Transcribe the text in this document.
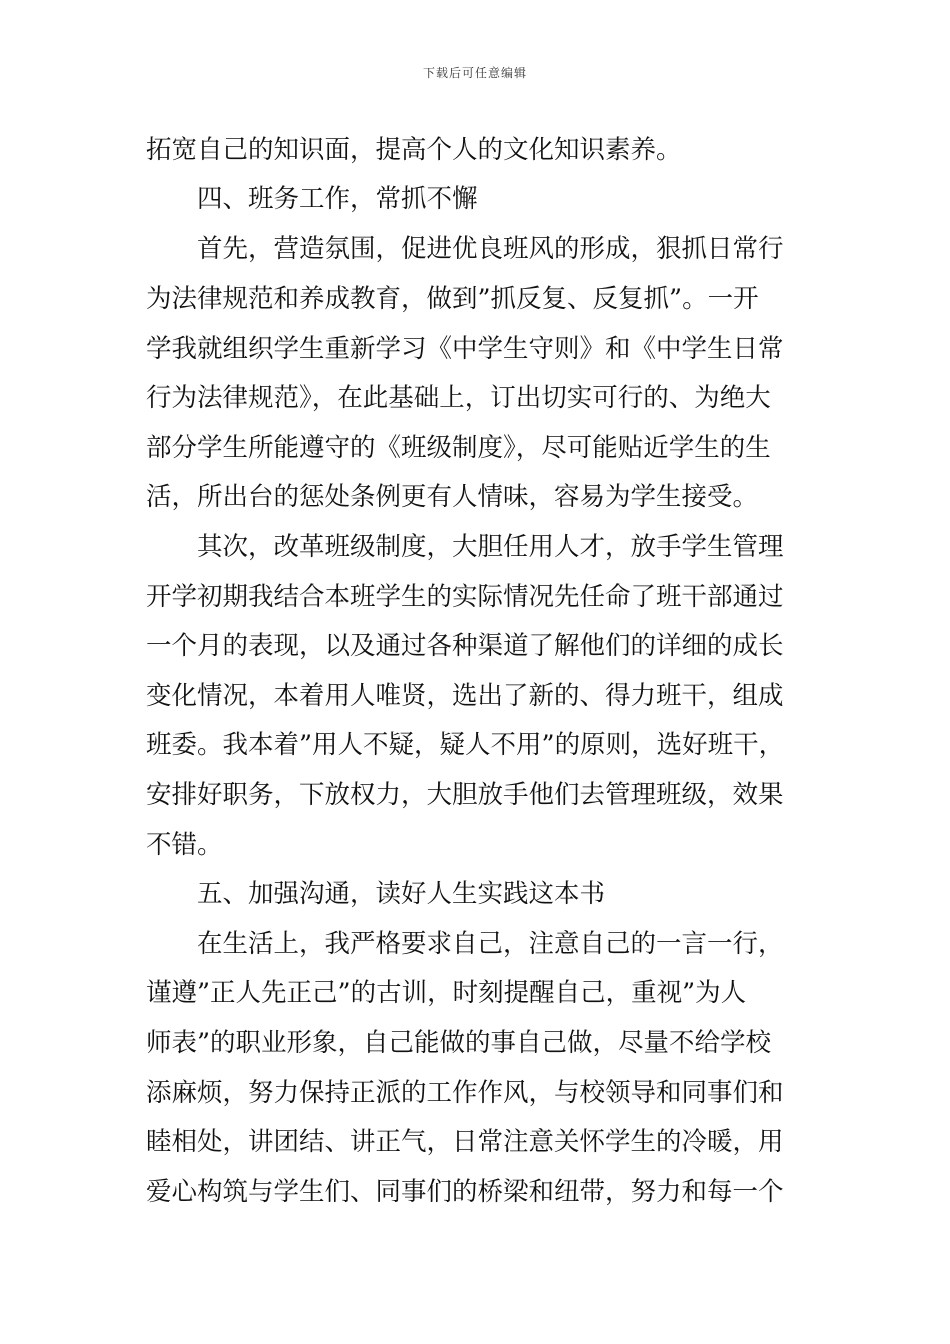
下载后可任意编辑
拓宽自己的知识面，提高个人的文化知识素养。
四、班务工作，常抓不懈
首先，营造氛围，促进优良班风的形成，狠抓日常行
为法律规范和养成教育，做到”抓反复、反复抓”。一开
学我就组织学生重新学习《中学生守则》和《中学生日常
行为法律规范》，在此基础上，订出切实可行的、为绝大
部分学生所能遵守的《班级制度》，尽可能贴近学生的生
活，所出台的惩处条例更有人情味，容易为学生接受。
其次，改革班级制度，大胆任用人才，放手学生管理
开学初期我结合本班学生的实际情况先任命了班干部通过
一个月的表现，以及通过各种渠道了解他们的详细的成长
变化情况，本着用人唯贤，选出了新的、得力班干，组成
班委。我本着”用人不疑，疑人不用”的原则，选好班干，
安排好职务，下放权力，大胆放手他们去管理班级，效果
不错。
五、加强沟通，读好人生实践这本书
在生活上，我严格要求自己，注意自己的一言一行，
谨遵”正人先正己”的古训，时刻提醒自己，重视”为人
师表”的职业形象，自己能做的事自己做，尽量不给学校
添麻烦，努力保持正派的工作作风，与校领导和同事们和
睦相处，讲团结、讲正气，日常注意关怀学生的冷暖，用
爱心构筑与学生们、同事们的桥梁和纽带，努力和每一个
